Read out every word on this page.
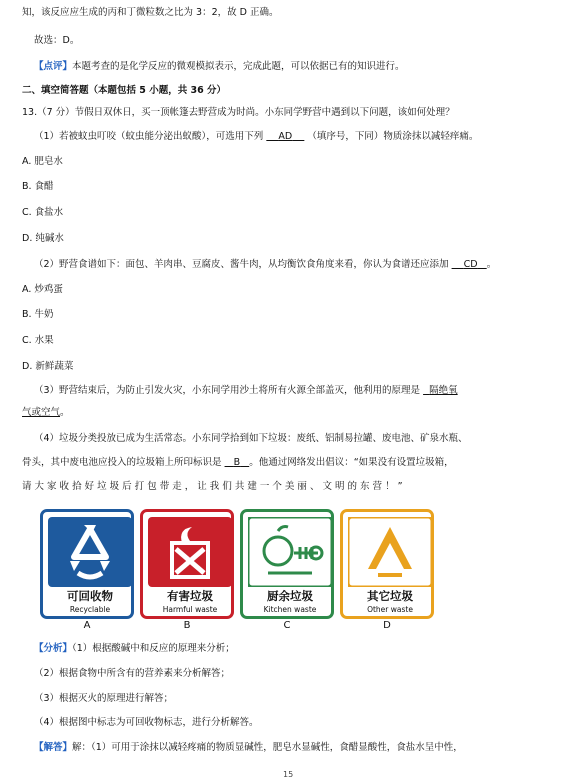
知，该反应应生成的丙和丁微粒数之比为 3：2，故 D 正确。
故选：D。
【点评】本题考查的是化学反应的微观模拟表示，完成此题，可以依据已有的知识进行。
二、填空简答题（本题包括 5 小题，共 36 分）
13.（7 分）节假日双休日，买一顶帐篷去野营成为时尚。小东同学野营中遇到以下问题，该如何处理？
（1）若被蚊虫叮咬（蚊虫能分泌出蚁酸），可选用下列 AD （填序号，下同）物质涂抹以减轻痒痛。
A. 肥皂水
B. 食醋
C. 食盐水
D. 纯碱水
（2）野营食谱如下：面包、羊肉串、豆腐皮、酱牛肉，从均衡饮食角度来看，你认为食谱还应添加 CD 。
A. 炒鸡蛋
B. 牛奶
C. 水果
D. 新鲜蔬菜
（3）野营结束后，为防止引发火灾，小东同学用沙土将所有火源全部盖灭，他利用的原理是 隔绝氧
气或空气。
（4）垃圾分类投放已成为生活常态。小东同学拾到如下垃圾：废纸、铝制易拉罐、废电池、矿泉水瓶、
骨头，其中废电池应投入的垃圾箱上所印标识是 B 。他通过网络发出倡议：“如果没有设置垃圾箱，
请 大 家 收 拾 好 垃 圾 后 打 包 带 走 ， 让 我 们 共 建 一 个 美 丽 、 文 明 的 东 营 ！ ”
可回收物
Recyclable
有害垃圾
Harmful waste
厨余垃圾
Kitchen waste
其它垃圾
Other waste
A	B	C	D
【分析】（1）根据酸碱中和反应的原理来分析；
（2）根据食物中所含有的营养素来分析解答；
（3）根据灭火的原理进行解答；
（4）根据图中标志为可回收物标志，进行分析解答。
【解答】解：（1）可用于涂抹以减轻疼痛的物质显碱性，肥皂水显碱性，食醋显酸性，食盐水呈中性，
15
